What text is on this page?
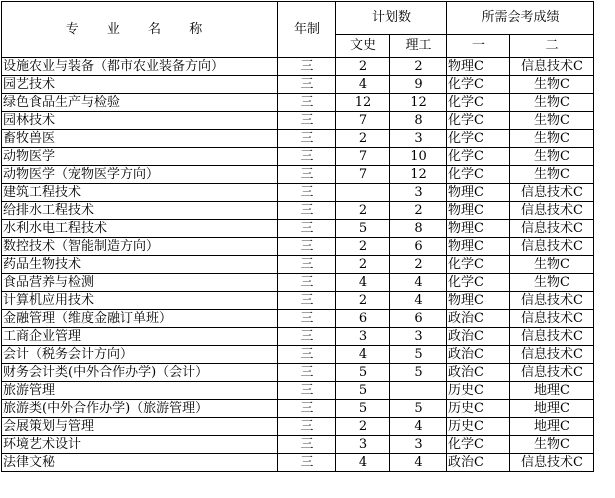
专 业 名 称	年制	计划数		所需会考成绩	
		文史	理工	一	二
设施农业与装备（都市农业装备方向）	三	2	2	物理C	信息技术C
园艺技术	三	4	9	化学C	生物C
绿色食品生产与检验	三	12	12	化学C	生物C
园林技术	三	7	8	化学C	生物C
畜牧兽医	三	2	3	化学C	生物C
动物医学	三	7	10	化学C	生物C
动物医学（宠物医学方向）	三	7	12	化学C	生物C
建筑工程技术	三		3	物理C	信息技术C
给排水工程技术	三	2	2	物理C	信息技术C
水利水电工程技术	三	5	8	物理C	信息技术C
数控技术（智能制造方向）	三	2	6	物理C	信息技术C
药品生物技术	三	2	2	化学C	生物C
食品营养与检测	三	4	4	化学C	生物C
计算机应用技术	三	2	4	物理C	信息技术C
金融管理（维度金融订单班）	三	6	6	政治C	信息技术C
工商企业管理	三	3	3	政治C	信息技术C
会计（税务会计方向）	三	4	5	政治C	信息技术C
财务会计类(中外合作办学)（会计）	三	5	5	政治C	信息技术C
旅游管理	三	5		历史C	地理C
旅游类(中外合作办学)（旅游管理）	三	5	5	历史C	地理C
会展策划与管理	三	2	4	历史C	地理C
环境艺术设计	三	3	3	化学C	生物C
法律文秘	三	4	4	政治C	信息技术C
